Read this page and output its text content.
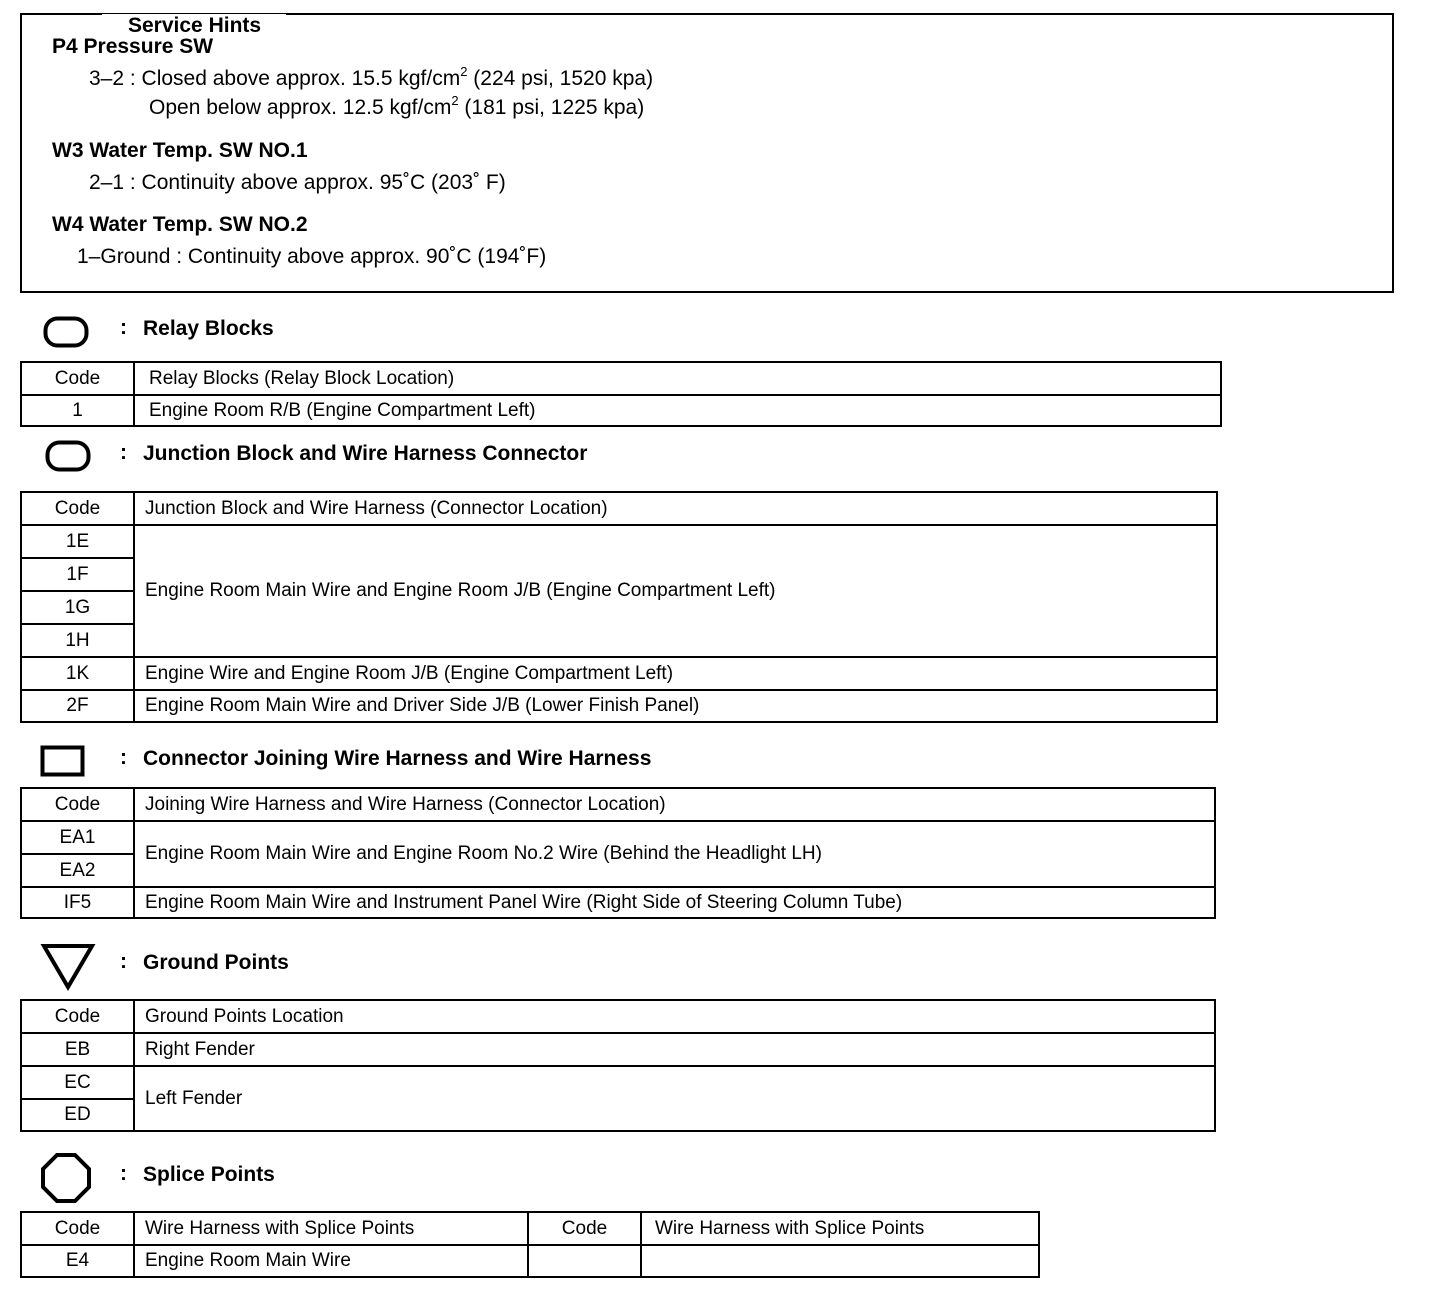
Service Hints
P4 Pressure SW
3–2 : Closed above approx. 15.5 kgf/$cm^2$ (224 psi, 1520 kpa)
Open below approx. 12.5 kgf/$cm^2$ (181 psi, 1225 kpa)
W3 Water Temp. SW NO.1
2–1 : Continuity above approx. 95˚C (203˚ F)
W4 Water Temp. SW NO.2
1–Ground : Continuity above approx. 90˚C (194˚F)
: Relay Blocks
Code	Relay Blocks (Relay Block Location)
1	Engine Room R/B (Engine Compartment Left)
: Junction Block and Wire Harness Connector
Code	Junction Block and Wire Harness (Connector Location)
1E	Engine Room Main Wire and Engine Room J/B (Engine Compartment Left)
1F	
1G	
1H	
1K	Engine Wire and Engine Room J/B (Engine Compartment Left)
2F	Engine Room Main Wire and Driver Side J/B (Lower Finish Panel)
: Connector Joining Wire Harness and Wire Harness
Code	Joining Wire Harness and Wire Harness (Connector Location)
EA1	Engine Room Main Wire and Engine Room No.2 Wire (Behind the Headlight LH)
EA2	
IF5	Engine Room Main Wire and Instrument Panel Wire (Right Side of Steering Column Tube)
: Ground Points
Code	Ground Points Location
EB	Right Fender
EC	Left Fender
ED	
: Splice Points
Code	Wire Harness with Splice Points	Code	Wire Harness with Splice Points
E4	Engine Room Main Wire		
